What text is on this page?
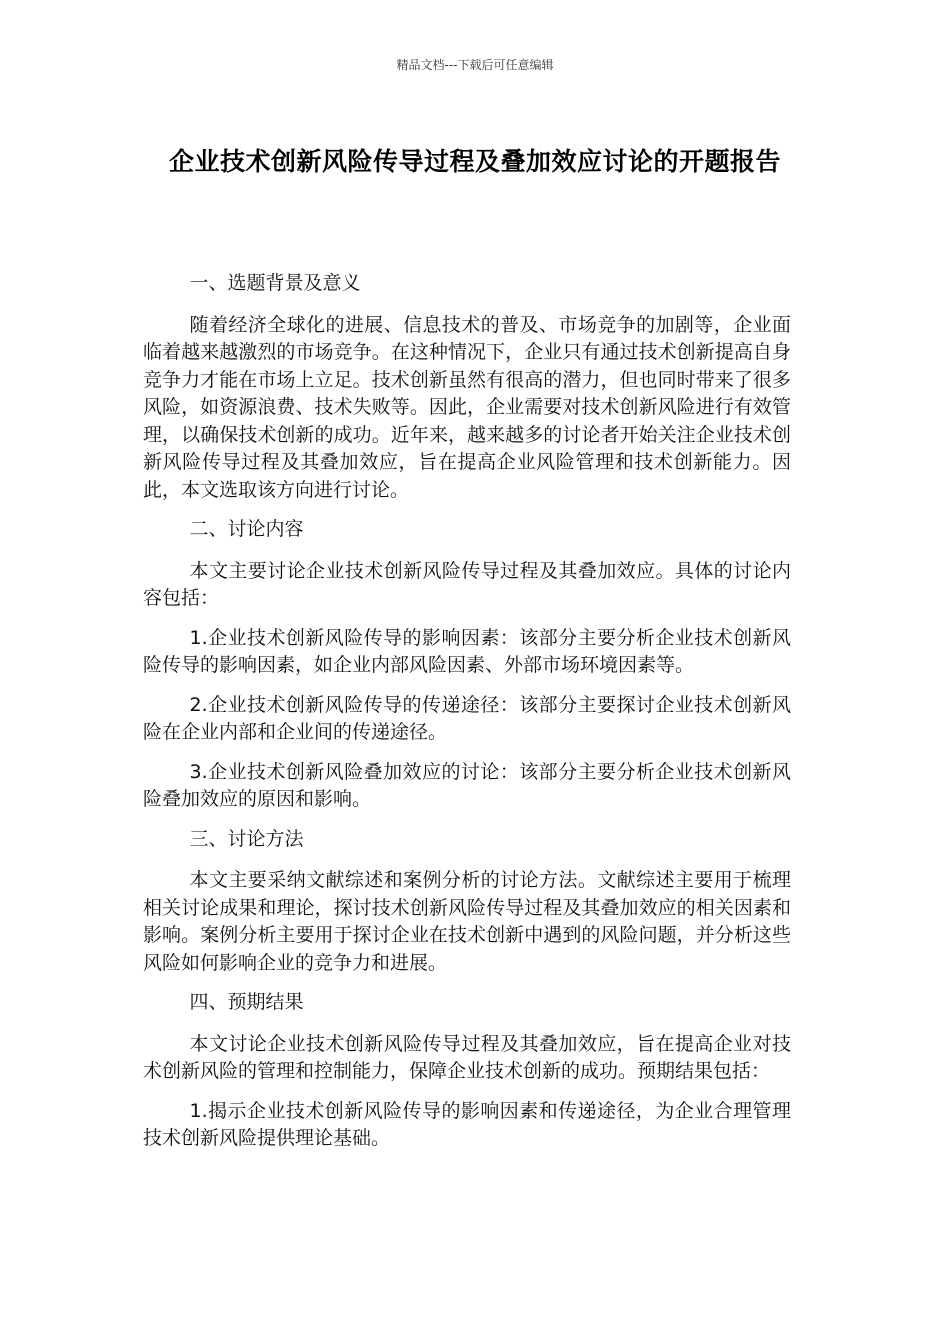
精品文档---下载后可任意编辑
企业技术创新风险传导过程及叠加效应讨论的开题报告

一、选题背景及意义

随着经济全球化的进展、信息技术的普及、市场竞争的加剧等，企业面临着越来越激烈的市场竞争。在这种情况下，企业只有通过技术创新提高自身竞争力才能在市场上立足。技术创新虽然有很高的潜力，但也同时带来了很多风险，如资源浪费、技术失败等。因此，企业需要对技术创新风险进行有效管理，以确保技术创新的成功。近年来，越来越多的讨论者开始关注企业技术创新风险传导过程及其叠加效应，旨在提高企业风险管理和技术创新能力。因此，本文选取该方向进行讨论。

二、讨论内容

本文主要讨论企业技术创新风险传导过程及其叠加效应。具体的讨论内容包括：

1.企业技术创新风险传导的影响因素：该部分主要分析企业技术创新风险传导的影响因素，如企业内部风险因素、外部市场环境因素等。

2.企业技术创新风险传导的传递途径：该部分主要探讨企业技术创新风险在企业内部和企业间的传递途径。

3.企业技术创新风险叠加效应的讨论：该部分主要分析企业技术创新风险叠加效应的原因和影响。

三、讨论方法

本文主要采纳文献综述和案例分析的讨论方法。文献综述主要用于梳理相关讨论成果和理论，探讨技术创新风险传导过程及其叠加效应的相关因素和影响。案例分析主要用于探讨企业在技术创新中遇到的风险问题，并分析这些风险如何影响企业的竞争力和进展。

四、预期结果

本文讨论企业技术创新风险传导过程及其叠加效应，旨在提高企业对技术创新风险的管理和控制能力，保障企业技术创新的成功。预期结果包括：

1.揭示企业技术创新风险传导的影响因素和传递途径，为企业合理管理技术创新风险提供理论基础。
